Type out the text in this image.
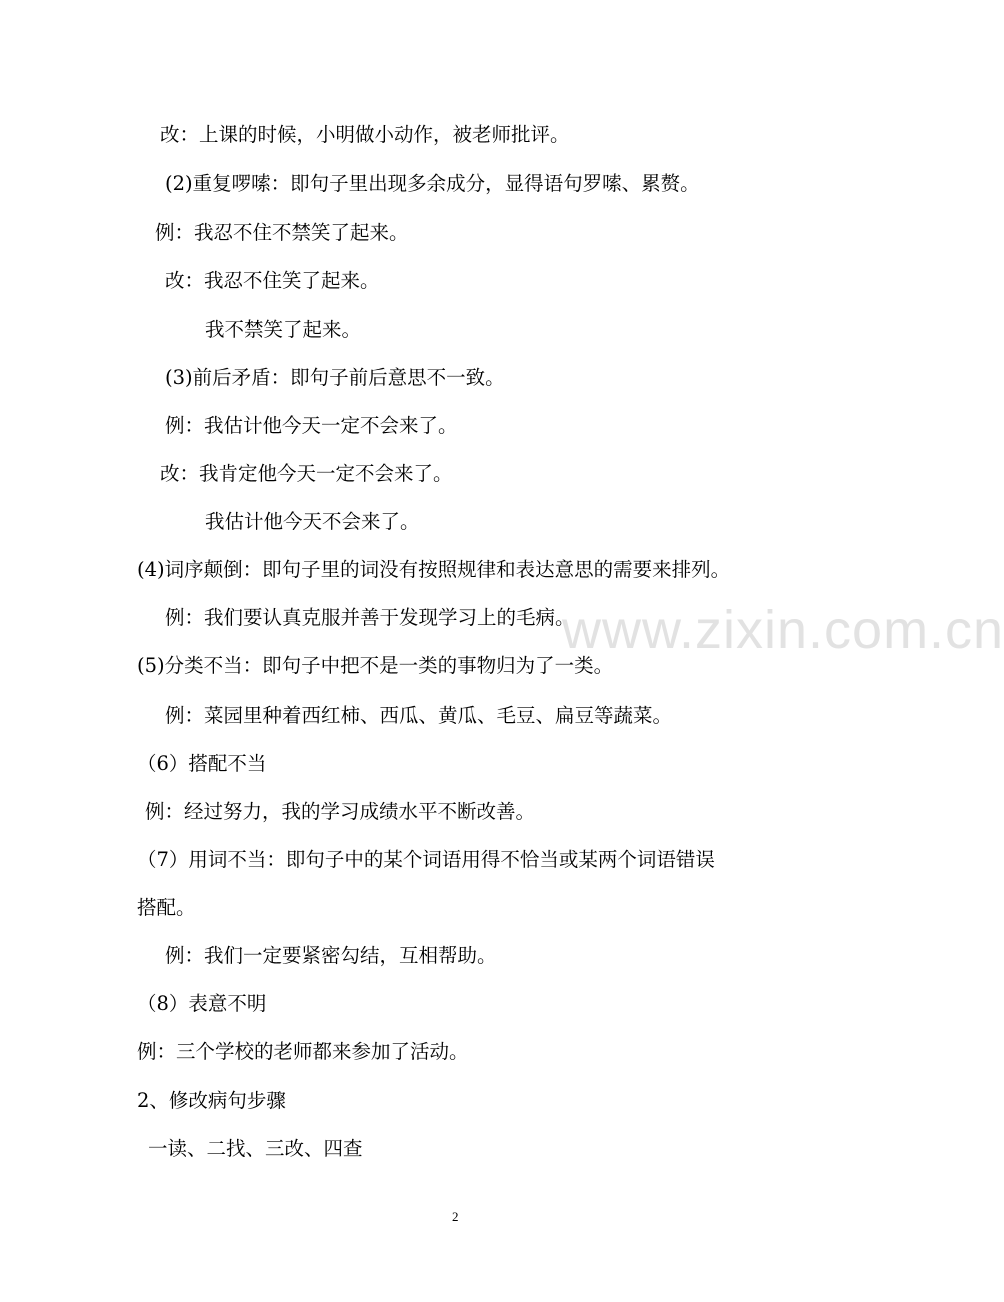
改：上课的时候，小明做小动作，被老师批评。
(2)重复啰嗦：即句子里出现多余成分，显得语句罗嗦、累赘。
例：我忍不住不禁笑了起来。
改：我忍不住笑了起来。
我不禁笑了起来。
(3)前后矛盾：即句子前后意思不一致。
例：我估计他今天一定不会来了。
改：我肯定他今天一定不会来了。
我估计他今天不会来了。
(4)词序颠倒：即句子里的词没有按照规律和表达意思的需要来排列。
例：我们要认真克服并善于发现学习上的毛病。
(5)分类不当：即句子中把不是一类的事物归为了一类。
例：菜园里种着西红柿、西瓜、黄瓜、毛豆、扁豆等蔬菜。
（6）搭配不当
例：经过努力，我的学习成绩水平不断改善。
（7）用词不当：即句子中的某个词语用得不恰当或某两个词语错误
搭配。
例：我们一定要紧密勾结，互相帮助。
（8）表意不明
例：三个学校的老师都来参加了活动。
2、修改病句步骤
一读、二找、三改、四查
www.zixin.com.cn
2
